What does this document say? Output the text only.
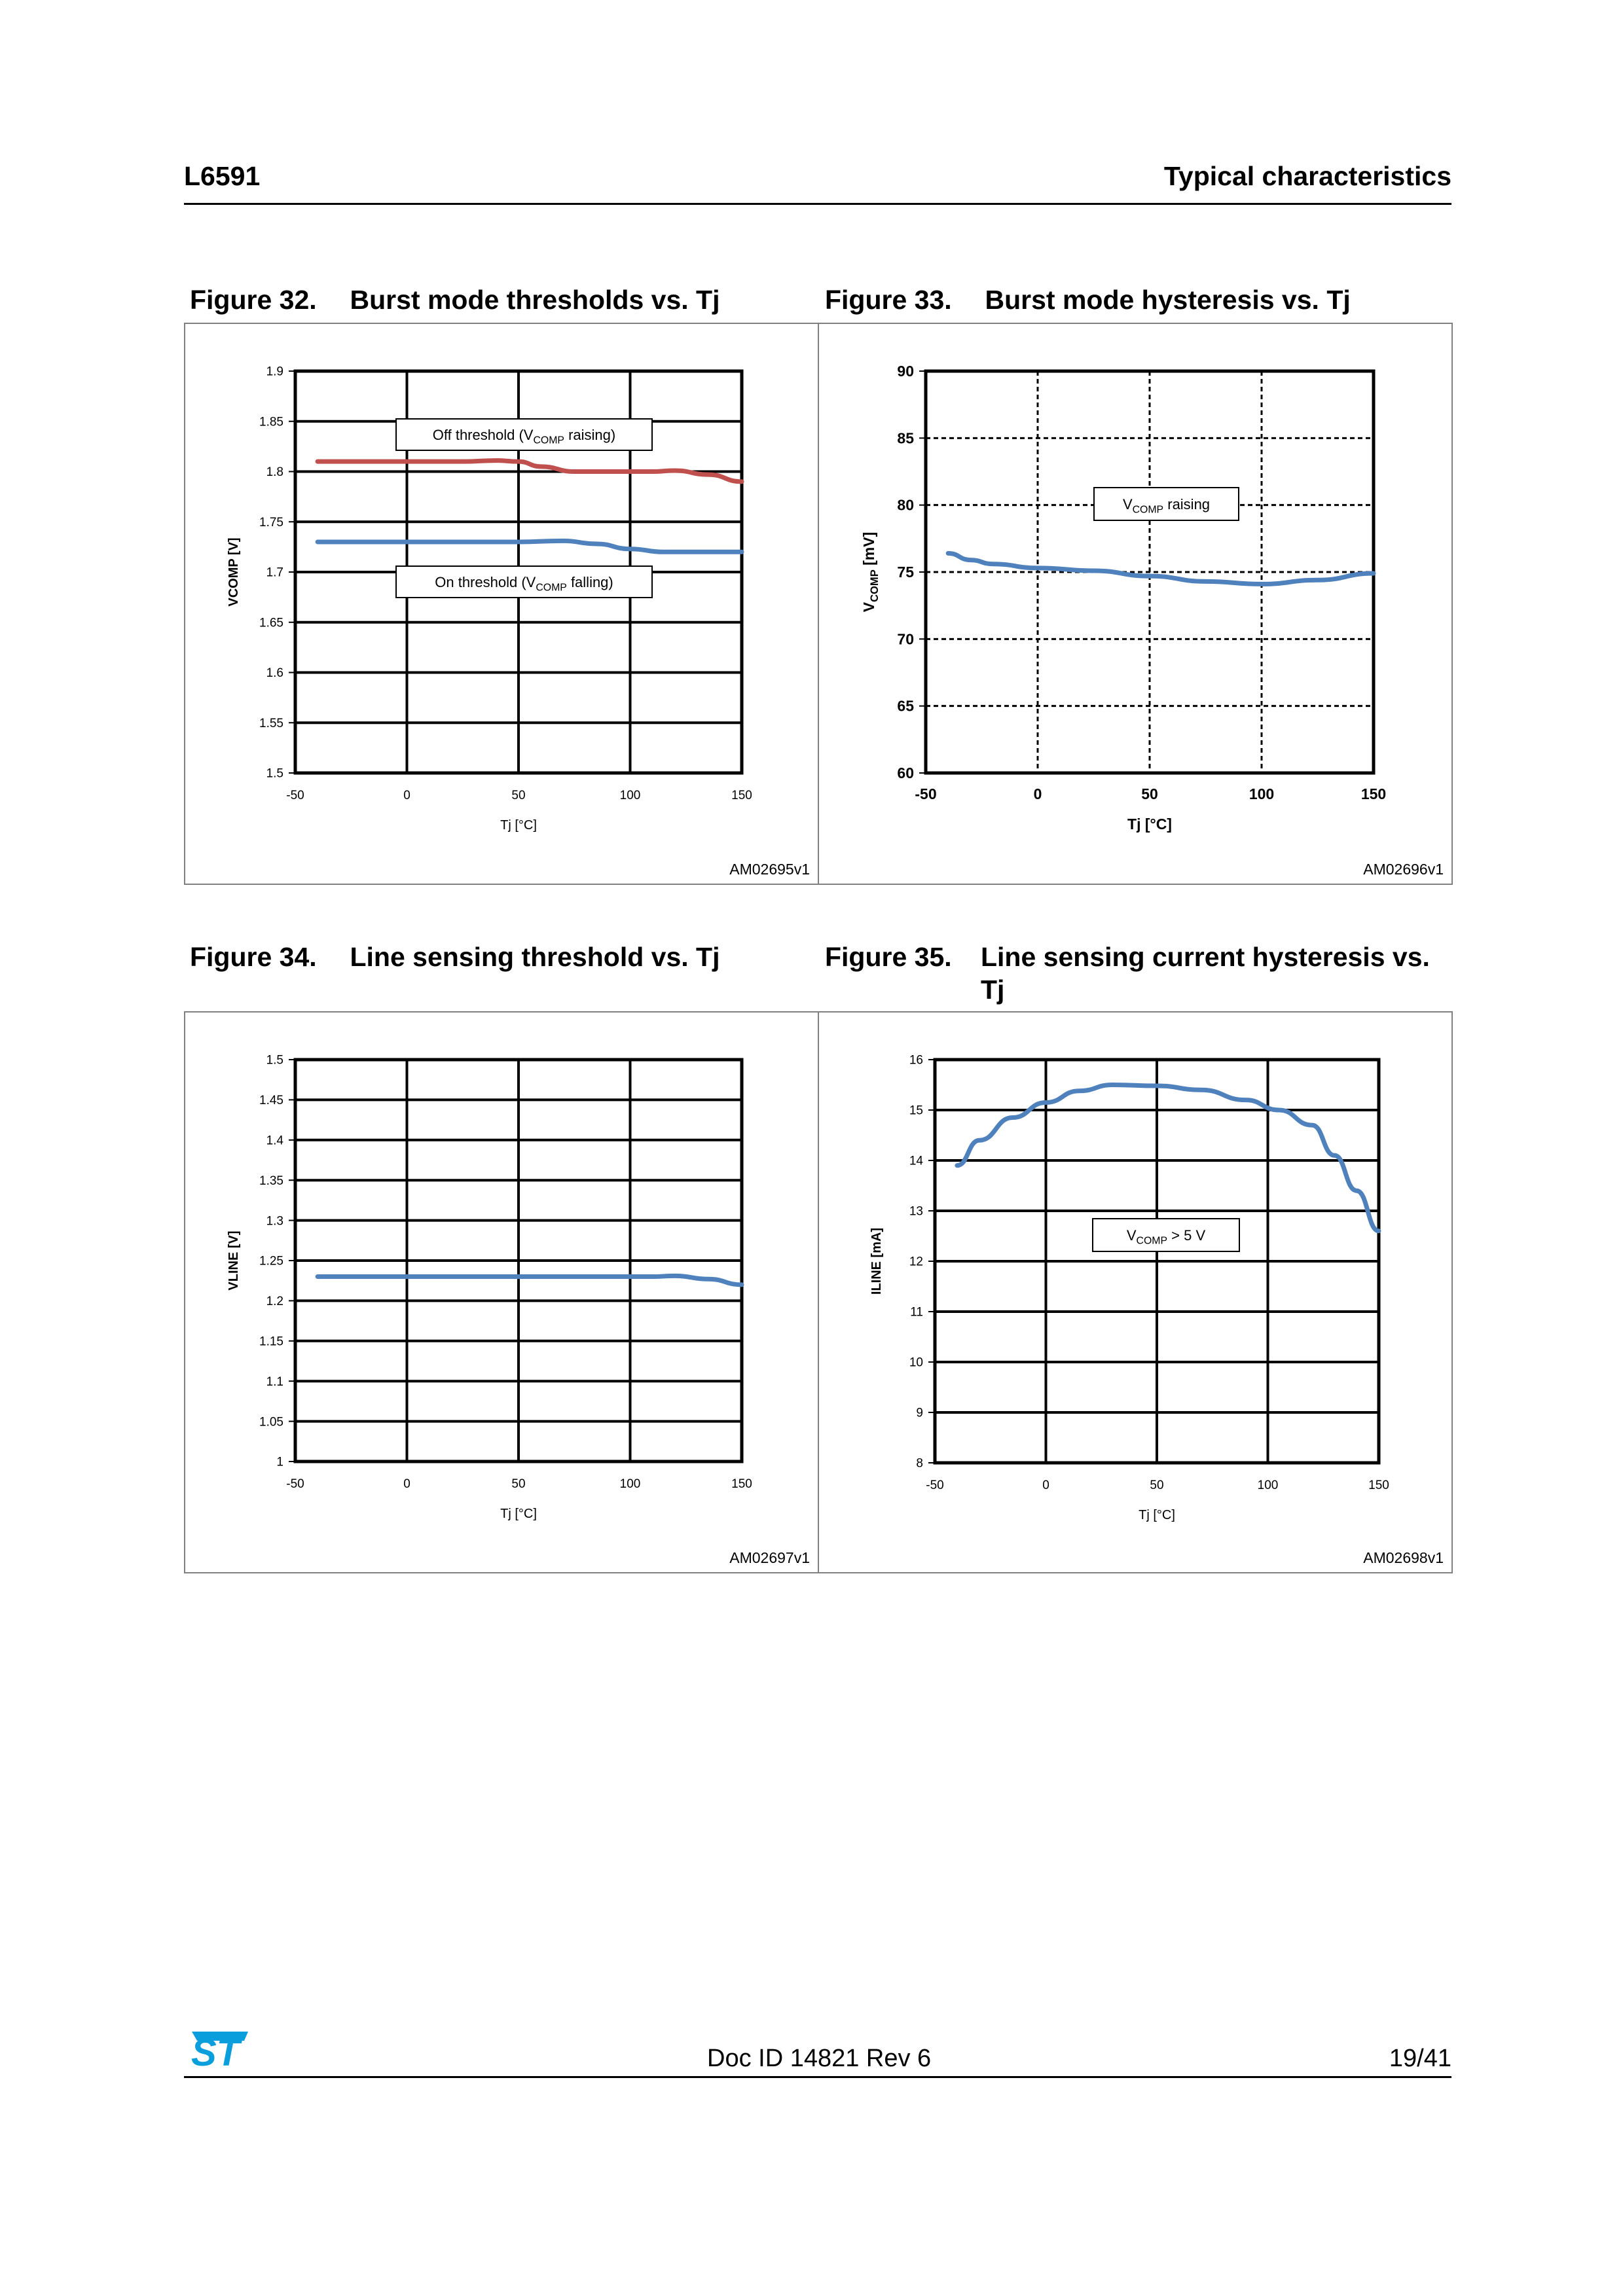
L6591	Typical characteristics
Figure 32. Burst mode thresholds vs. Tj	Figure 33. Burst mode hysteresis vs. Tj
Figure 34. Line sensing threshold vs. Tj	Figure 35.	Line sensing current hysteresis vs. Tj
1.5
1.55
1.6
1.65
1.7
1.75
1.8
1.85
1.9
-50	0	50	100	150
Tj [°C]
VCOMP [V]
Off threshold ($V_{COMP}$ raising)
On threshold ($V_{COMP}$ falling)
AM02695v1
60
65
70
75
80
85
90
-50	0	50	100	150
Tj [°C]
$V_{COMP}$ [mV]
$V_{COMP}$ raising
AM02696v1
1
1.05
1.1
1.15
1.2
1.25
1.3
1.35
1.4
1.45
1.5
-50	0	50	100	150
Tj [°C]
VLINE [V]
AM02697v1
8
9
10
11
12
13
14
15
16
-50	0	50	100	150
Tj [°C]
ILINE [mA]	$V_{COMP} > 5$ V
AM02698v1
ST	Doc ID 14821 Rev 6	19/41
